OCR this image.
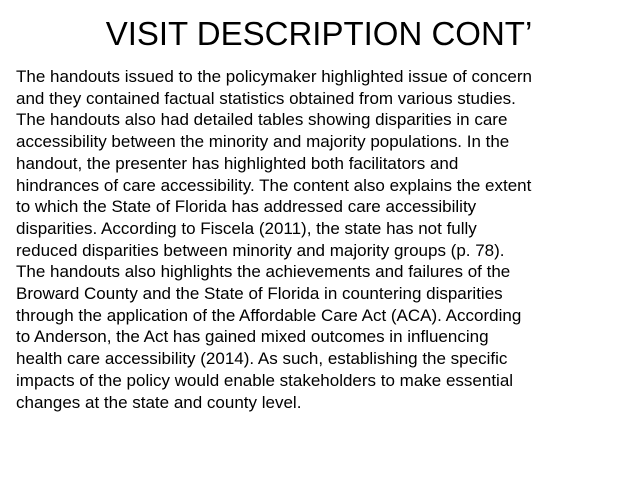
VISIT DESCRIPTION CONT’
The handouts issued to the policymaker highlighted issue of concern
and they contained factual statistics obtained from various studies.
The handouts also had detailed tables showing disparities in care
accessibility between the minority and majority populations. In the
handout, the presenter has highlighted both facilitators and
hindrances of care accessibility. The content also explains the extent
to which the State of Florida has addressed care accessibility
disparities. According to Fiscela (2011), the state has not fully
reduced disparities between minority and majority groups (p. 78).
The handouts also highlights the achievements and failures of the
Broward County and the State of Florida in countering disparities
through the application of the Affordable Care Act (ACA). According
to Anderson, the Act has gained mixed outcomes in influencing
health care accessibility (2014). As such, establishing the specific
impacts of the policy would enable stakeholders to make essential
changes at the state and county level.
